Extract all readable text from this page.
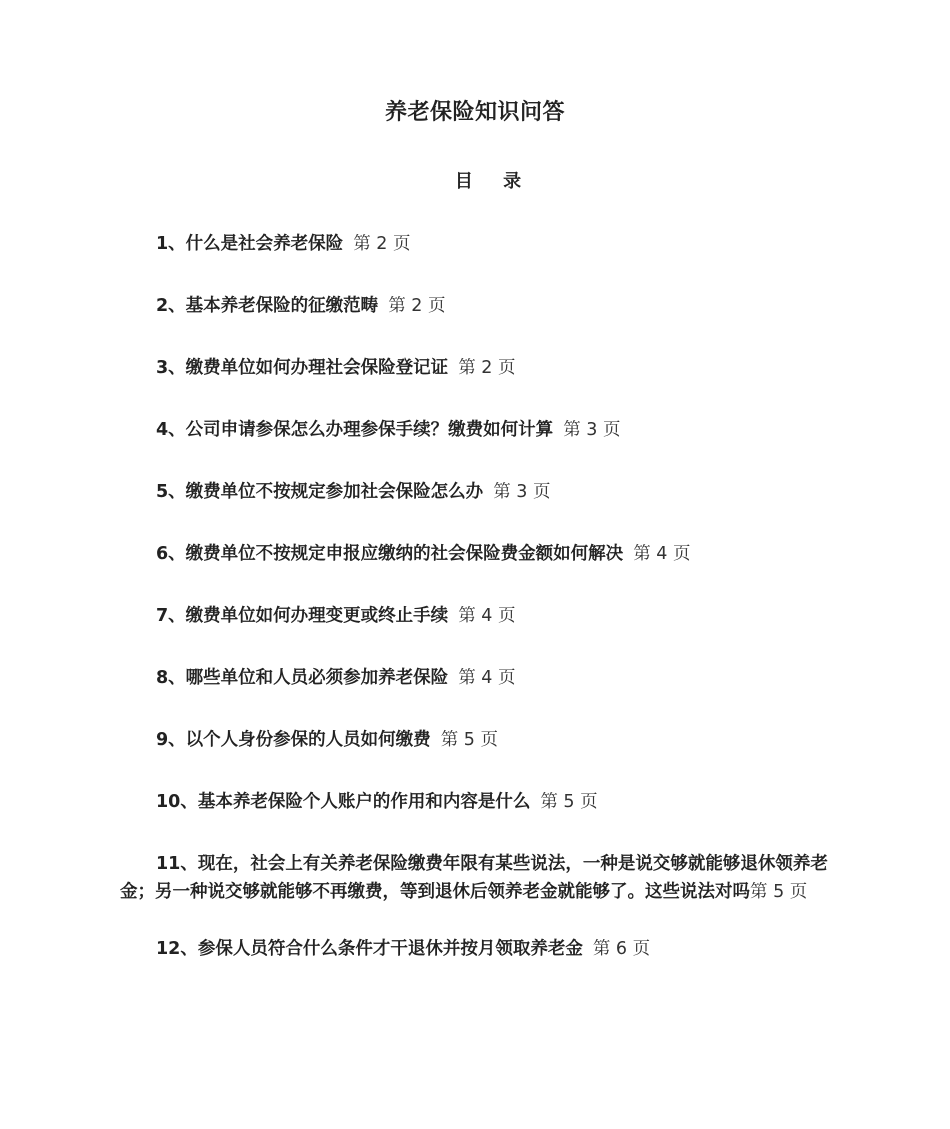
养老保险知识问答
目 录
1、什么是社会养老保险 第 2 页
2、基本养老保险的征缴范畴 第 2 页
3、缴费单位如何办理社会保险登记证 第 2 页
4、公司申请参保怎么办理参保手续？缴费如何计算 第 3 页
5、缴费单位不按规定参加社会保险怎么办 第 3 页
6、缴费单位不按规定申报应缴纳的社会保险费金额如何解决 第 4 页
7、缴费单位如何办理变更或终止手续 第 4 页
8、哪些单位和人员必须参加养老保险 第 4 页
9、以个人身份参保的人员如何缴费 第 5 页
10、基本养老保险个人账户的作用和内容是什么 第 5 页
11、现在，社会上有关养老保险缴费年限有某些说法，一种是说交够就能够退休领养老金；另一种说交够就能够不再缴费，等到退休后领养老金就能够了。这些说法对吗第 5 页
12、参保人员符合什么条件才干退休并按月领取养老金 第 6 页
